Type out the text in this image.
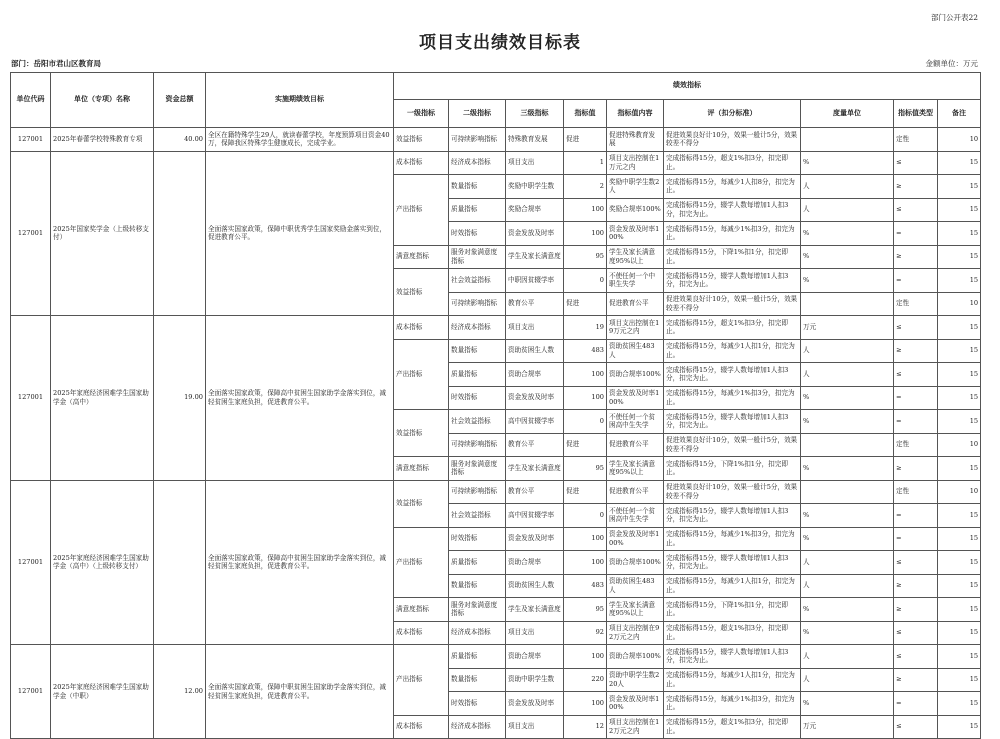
部门公开表22
项目支出绩效目标表
部门：岳阳市君山区教育局	金额单位：万元
单位代码	单位（专项）名称	资金总额	实施期绩效目标	绩效指标								
				一级指标	二级指标	三级指标	指标值	指标值内容	评（扣分标准）	度量单位	指标值类型	备注
127001	2025年春蕾学校特殊教育专项	40.00	全区在籍特殊学生29人，就读春蕾学校，年度预算项目资金40万，保障我区特殊学生健康成长，完成学业。	效益指标	可持续影响指标	特殊教育发展	促进	促进特殊教育发展	促进效果良好计10分，效果一般计5分，效果较差不得分		定性	10
127001	2025年国家奖学金（上级转移支付）		全面落实国家政策，保障中职优秀学生国家奖励金落实到位，促进教育公平。	成本指标	经济成本指标	项目支出	1	项目支出控制在1万元之内	完成指标得15分，超支1%扣3分，扣完即止。	%	≤	15
				产出指标	数量指标	奖励中职学生数	2	奖励中职学生数2人	完成指标得15分，每减少1人扣8分，扣完为止。	人	≥	15
					质量指标	奖励合规率	100	奖励合规率100%	完成指标得15分，辍学人数每增加1人扣3分，扣完为止。	人	≤	15
					时效指标	资金发放及时率	100	资金发放及时率100%	完成指标得15分，每减少1%扣3分，扣完为止。	%	=	15
				满意度指标	服务对象满意度指标	学生及家长满意度	95	学生及家长满意度95%以上	完成指标得15分，下降1%扣1分，扣完即止。	%	≥	15
				效益指标	社会效益指标	中职因贫辍学率	0	不使任何一个中职生失学	完成指标得15分，辍学人数每增加1人扣3分，扣完为止。	%	=	15
					可持续影响指标	教育公平	促进	促进教育公平	促进效果良好计10分，效果一般计5分，效果较差不得分		定性	10
127001	2025年家庭经济困难学生国家助学金（高中）	19.00	全面落实国家政策，保障高中贫困生国家助学金落实到位，减轻贫困生家庭负担，促进教育公平。	成本指标	经济成本指标	项目支出	19	项目支出控制在19万元之内	完成指标得15分，超支1%扣3分，扣完即止。	万元	≤	15
				产出指标	数量指标	资助贫困生人数	483	资助贫困生483人	完成指标得15分，每减少1人扣1分，扣完为止。	人	≥	15
					质量指标	资助合规率	100	资助合规率100%	完成指标得15分，辍学人数每增加1人扣3分，扣完为止。	人	≤	15
					时效指标	资金发放及时率	100	资金发放及时率100%	完成指标得15分，每减少1%扣3分，扣完为止。	%	=	15
				效益指标	社会效益指标	高中因贫辍学率	0	不使任何一个贫困高中生失学	完成指标得15分，辍学人数每增加1人扣3分，扣完为止。	%	=	15
					可持续影响指标	教育公平	促进	促进教育公平	促进效果良好计10分，效果一般计5分，效果较差不得分		定性	10
				满意度指标	服务对象满意度指标	学生及家长满意度	95	学生及家长满意度95%以上	完成指标得15分，下降1%扣1分，扣完即止。	%	≥	15
127001	2025年家庭经济困难学生国家助学金（高中）（上级转移支付）		全面落实国家政策，保障高中贫困生国家助学金落实到位，减轻贫困生家庭负担，促进教育公平。	效益指标	可持续影响指标	教育公平	促进	促进教育公平	促进效果良好计10分，效果一般计5分，效果较差不得分		定性	10
					社会效益指标	高中因贫辍学率	0	不使任何一个贫困高中生失学	完成指标得15分，辍学人数每增加1人扣3分，扣完为止。	%	=	15
				产出指标	时效指标	资金发放及时率	100	资金发放及时率100%	完成指标得15分，每减少1%扣3分，扣完为止。	%	=	15
					质量指标	资助合规率	100	资助合规率100%	完成指标得15分，辍学人数每增加1人扣3分，扣完为止。	人	≤	15
					数量指标	资助贫困生人数	483	资助贫困生483人	完成指标得15分，每减少1人扣1分，扣完为止。	人	≥	15
				满意度指标	服务对象满意度指标	学生及家长满意度	95	学生及家长满意度95%以上	完成指标得15分，下降1%扣1分，扣完即止。	%	≥	15
				成本指标	经济成本指标	项目支出	92	项目支出控制在92万元之内	完成指标得15分，超支1%扣3分，扣完即止。	%	≤	15
127001	2025年家庭经济困难学生国家助学金（中职）	12.00	全面落实国家政策，保障中职贫困生国家助学金落实到位，减轻贫困生家庭负担，促进教育公平。	产出指标	质量指标	资助合规率	100	资助合规率100%	完成指标得15分，辍学人数每增加1人扣3分，扣完为止。	人	≤	15
					数量指标	资助中职学生数	220	资助中职学生数220人	完成指标得15分，每减少1人扣1分，扣完为止。	人	≥	15
					时效指标	资金发放及时率	100	资金发放及时率100%	完成指标得15分，每减少1%扣3分，扣完为止。	%	=	15
				成本指标	经济成本指标	项目支出	12	项目支出控制在12万元之内	完成指标得15分，超支1%扣3分，扣完即止。	万元	≤	15
